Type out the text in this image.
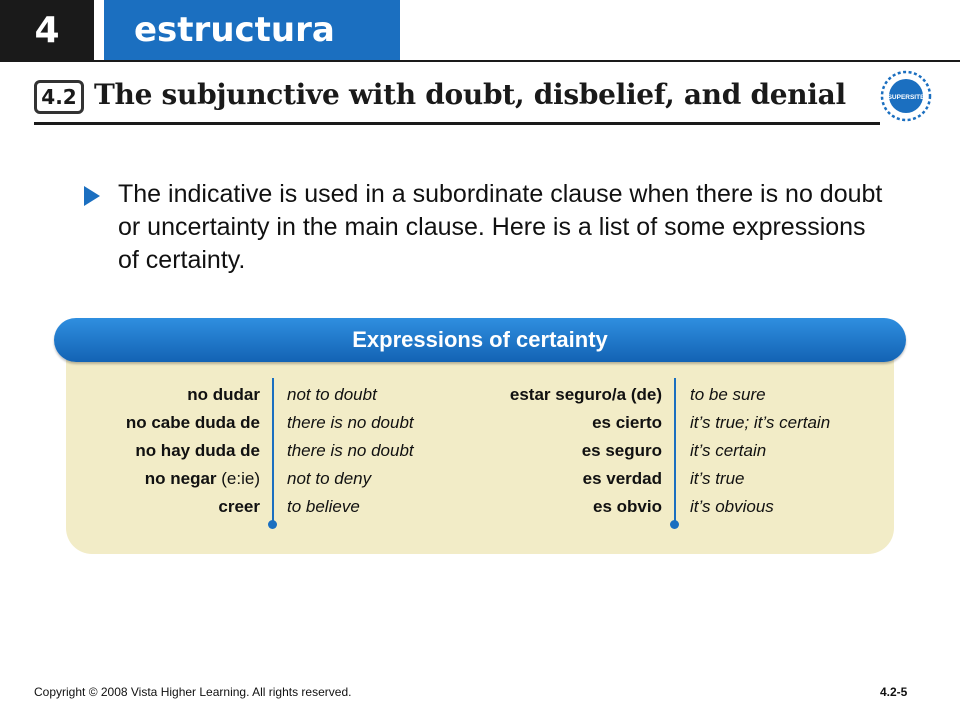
4 estructura
4.2 The subjunctive with doubt, disbelief, and denial	SUPERSITE
The indicative is used in a subordinate clause when there is no doubt or uncertainty in the main clause. Here is a list of some expressions of certainty.
Expressions of certainty
no dudar not to doubt
no cabe duda de there is no doubt
no hay duda de there is no doubt
no negar (e:ie) not to deny
creer to believe
estar seguro/a (de) to be sure
es cierto it’s true; it’s certain
es seguro it’s certain
es verdad it’s true
es obvio it’s obvious
Copyright © 2008 Vista Higher Learning. All rights reserved.	4.2-5
